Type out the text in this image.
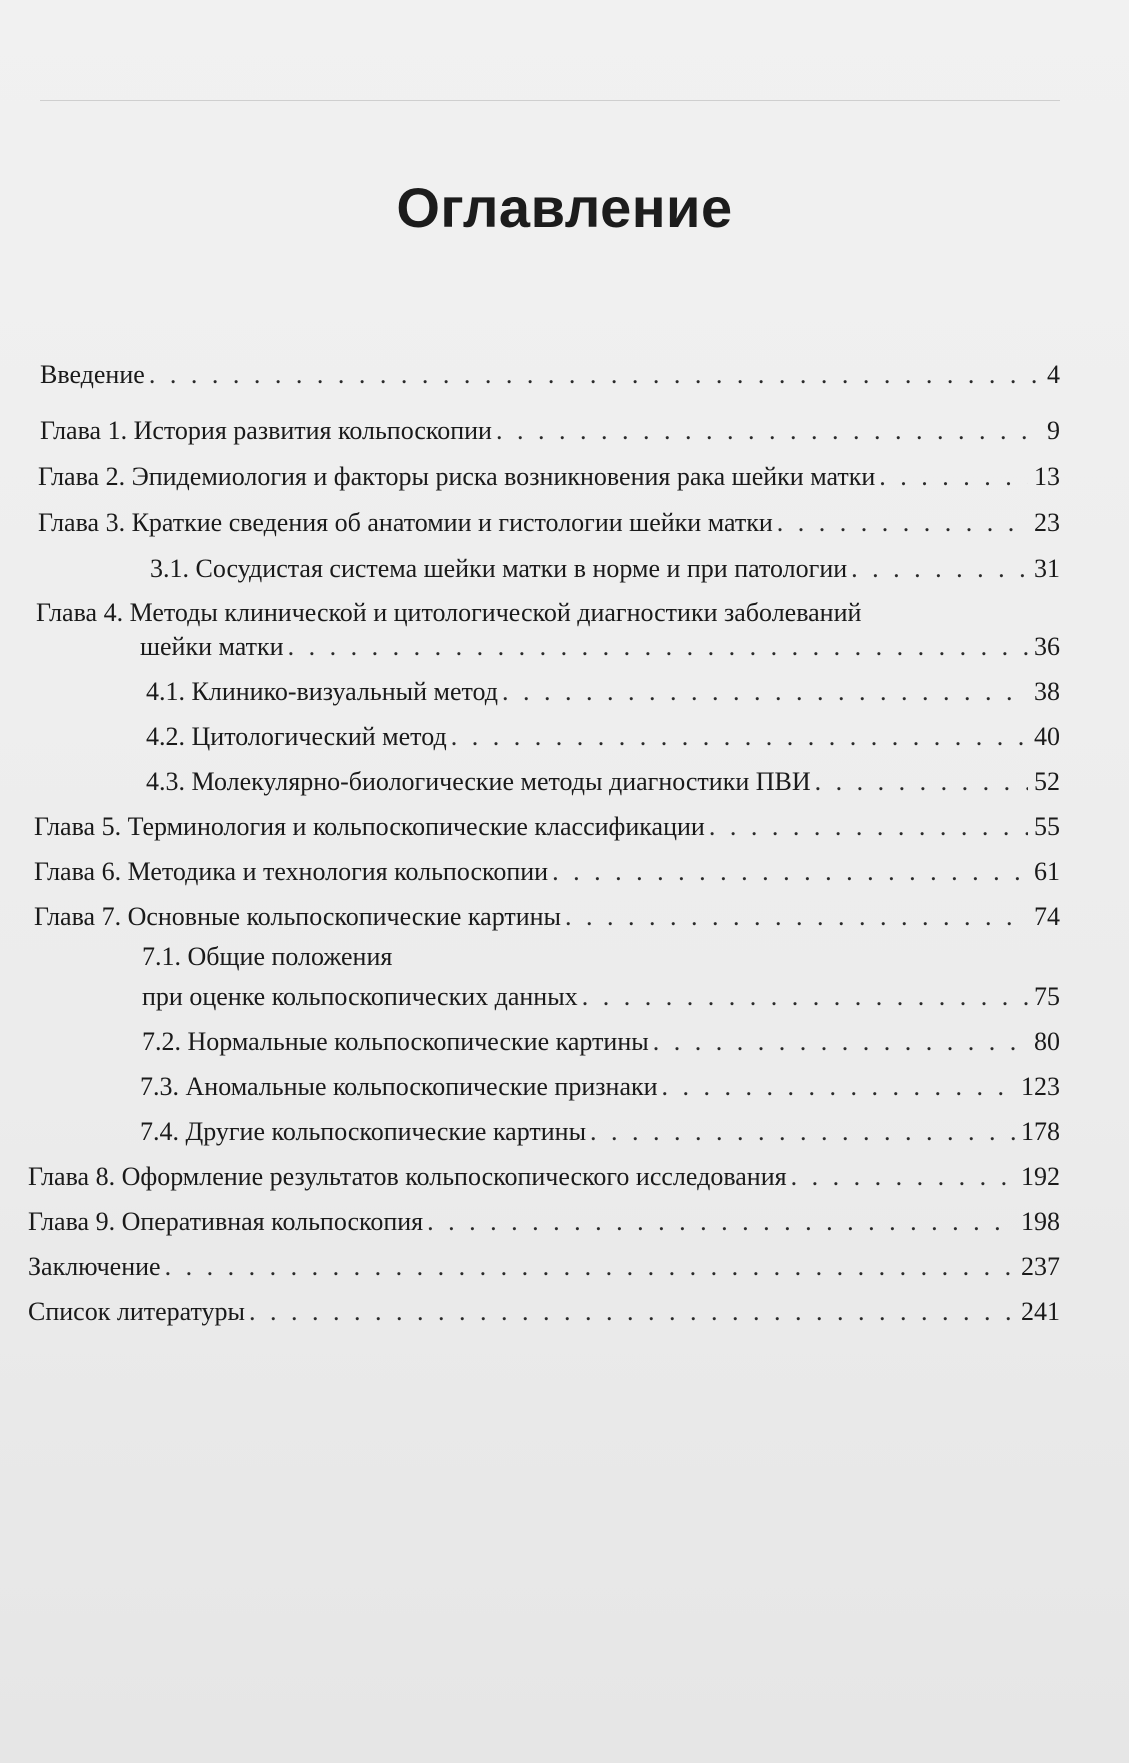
Оглавление
Введение . . .	4
Глава 1. История развития кольпоскопии . . .	9
Глава 2. Эпидемиология и факторы риска возникновения рака шейки матки . . .	13
Глава 3. Краткие сведения об анатомии и гистологии шейки матки . . .	23
3.1. Сосудистая система шейки матки в норме и при патологии . . .	31
Глава 4. Методы клинической и цитологической диагностики заболеваний
шейки матки . . .	36
4.1. Клинико-визуальный метод . . .	38
4.2. Цитологический метод . . .	40
4.3. Молекулярно-биологические методы диагностики ПВИ . . .	52
Глава 5. Терминология и кольпоскопические классификации . . .	55
Глава 6. Методика и технология кольпоскопии . . .	61
Глава 7. Основные кольпоскопические картины . . .	74
7.1. Общие положения
при оценке кольпоскопических данных . . .	75
7.2. Нормальные кольпоскопические картины . . .	80
7.3. Аномальные кольпоскопические признаки . . .	123
7.4. Другие кольпоскопические картины . . .	178
Глава 8. Оформление результатов кольпоскопического исследования . . .	192
Глава 9. Оперативная кольпоскопия . . .	198
Заключение . . .	237
Список литературы . . .	241
